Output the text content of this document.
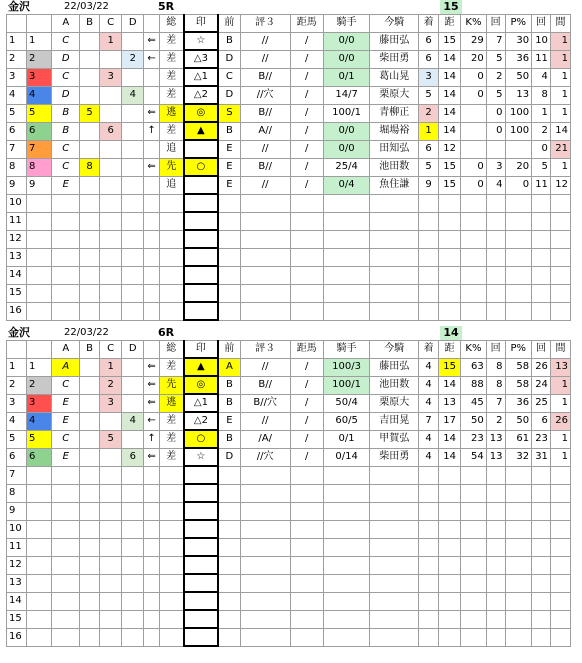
金沢	22/03/22	5R	15
		A	B	C	D		総	印	前	評３	距馬	騎手	今騎	着	距	K%	回	P%	回	間
1	1	C		1		⇐	差	☆	B	//	/	0/0	藤田弘	6	15	29	7	30	10	1
2	2	D			2	←	差	△3	D	//	/	0/0	柴田勇	6	14	20	5	36	11	1
3	3	C		3			差	△1	C	B//	/	0/1	葛山晃	3	14	0	2	50	4	1
4	4	D			4		差	△2	D	//穴	/	14/7	栗原大	5	14	0	5	13	8	1
5	5	B	5			⇐	逃	◎	S	B//	/	100/1	青柳正	2	14		0	100	1	1
6	6	B		6		↑	差	▲	B	A//	/	0/0	堀場裕	1	14		0	100	2	14
7	7	C					追		E	//	/	0/0	田知弘	6	12				0	21
8	8	C	8			⇐	先	○	E	B//	/	25/4	池田数	5	15	0	3	20	5	1
9	9	E					追		E	//	/	0/4	魚住謙	9	15	0	4	0	11	12
10																				
11																				
12																				
13																				
14																				
15																				
16																				
金沢	22/03/22	6R	14
		A	B	C	D		総	印	前	評３	距馬	騎手	今騎	着	距	K%	回	P%	回	間
1	1	A		1		⇐	差	▲	A	//	/	100/3	藤田弘	4	15	63	8	58	26	13
2	2	C		2		⇐	先	◎	B	B//	/	100/1	池田数	4	14	88	8	58	24	1
3	3	E		3		⇐	逃	△1	B	B//穴	/	50/4	栗原大	4	13	45	7	36	25	1
4	4	E			4	←	差	△2	E	//	/	60/5	吉田晃	7	17	50	2	50	6	26
5	5	C		5		↑	差	○	B	/A/	/	0/1	甲賀弘	4	14	23	13	61	23	1
6	6	E			6	⇐	差	☆	D	//穴	/	0/14	柴田勇	4	14	54	13	32	31	1
7																				
8																				
9																				
10																				
11																				
12																				
13																				
14																				
15																				
16																				
